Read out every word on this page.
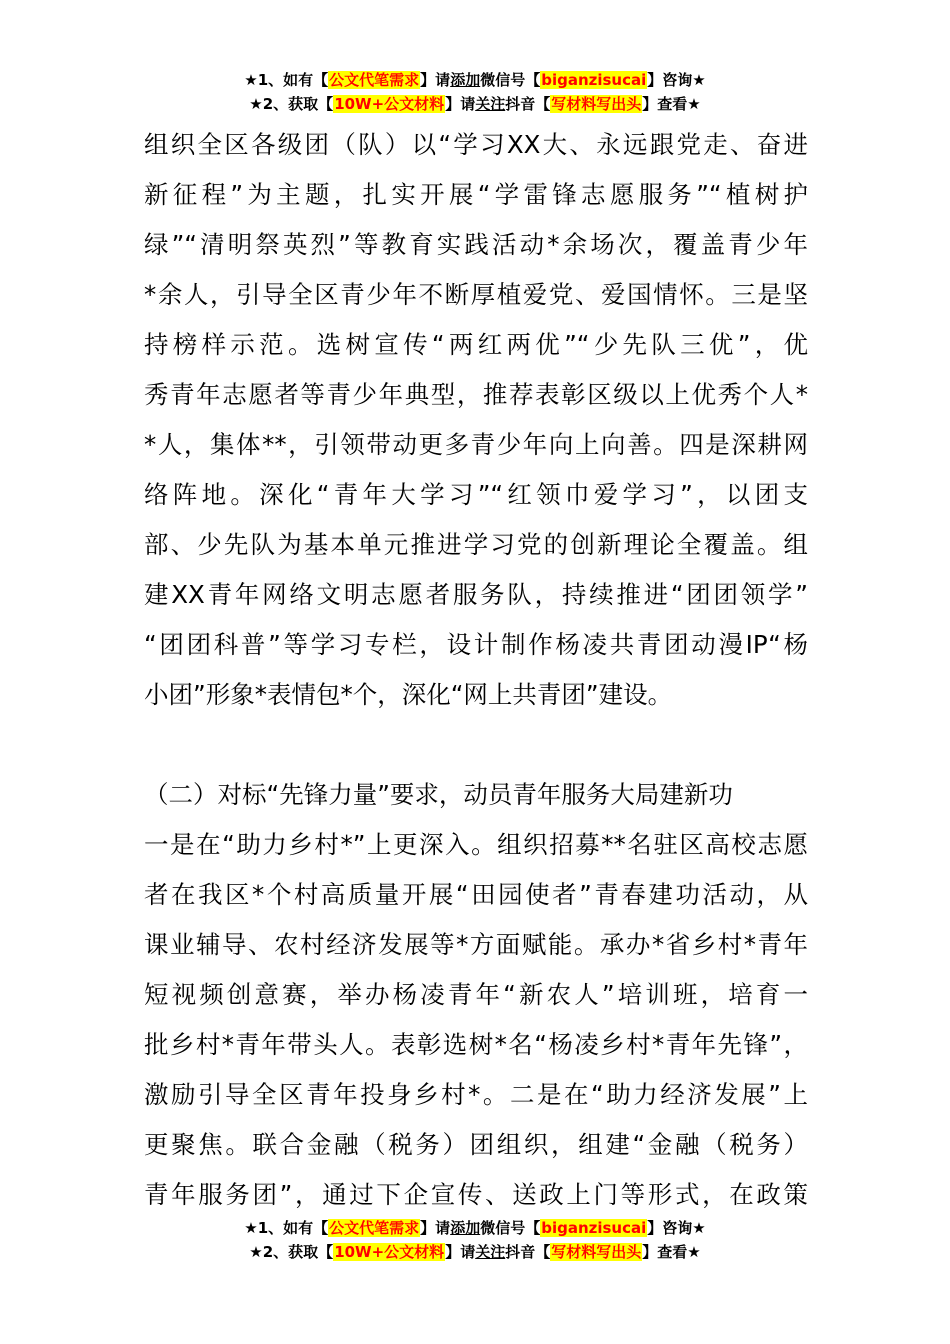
★1、如有【公文代笔需求】请添加微信号【biganzisucai】咨询★
★2、获取【10W+公文材料】请关注抖音【写材料写出头】查看★

组织全区各级团（队）以“学习XX大、永远跟党走、奋进
新征程”为主题，扎实开展“学雷锋志愿服务”“植树护
绿”“清明祭英烈”等教育实践活动*余场次，覆盖青少年
*余人，引导全区青少年不断厚植爱党、爱国情怀。三是坚
持榜样示范。选树宣传“两红两优”“少先队三优”，优
秀青年志愿者等青少年典型，推荐表彰区级以上优秀个人*
*人，集体**，引领带动更多青少年向上向善。四是深耕网
络阵地。深化“青年大学习”“红领巾爱学习”，以团支
部、少先队为基本单元推进学习党的创新理论全覆盖。组
建XX青年网络文明志愿者服务队，持续推进“团团领学”
“团团科普”等学习专栏，设计制作杨凌共青团动漫IP“杨
小团”形象*表情包*个，深化“网上共青团”建设。

（二）对标“先锋力量”要求，动员青年服务大局建新功
一是在“助力乡村*”上更深入。组织招募**名驻区高校志愿
者在我区*个村高质量开展“田园使者”青春建功活动，从
课业辅导、农村经济发展等*方面赋能。承办*省乡村*青年
短视频创意赛，举办杨凌青年“新农人”培训班，培育一
批乡村*青年带头人。表彰选树*名“杨凌乡村*青年先锋”，
激励引导全区青年投身乡村*。二是在“助力经济发展”上
更聚焦。联合金融（税务）团组织，组建“金融（税务）
青年服务团”，通过下企宣传、送政上门等形式，在政策

★1、如有【公文代笔需求】请添加微信号【biganzisucai】咨询★
★2、获取【10W+公文材料】请关注抖音【写材料写出头】查看★
